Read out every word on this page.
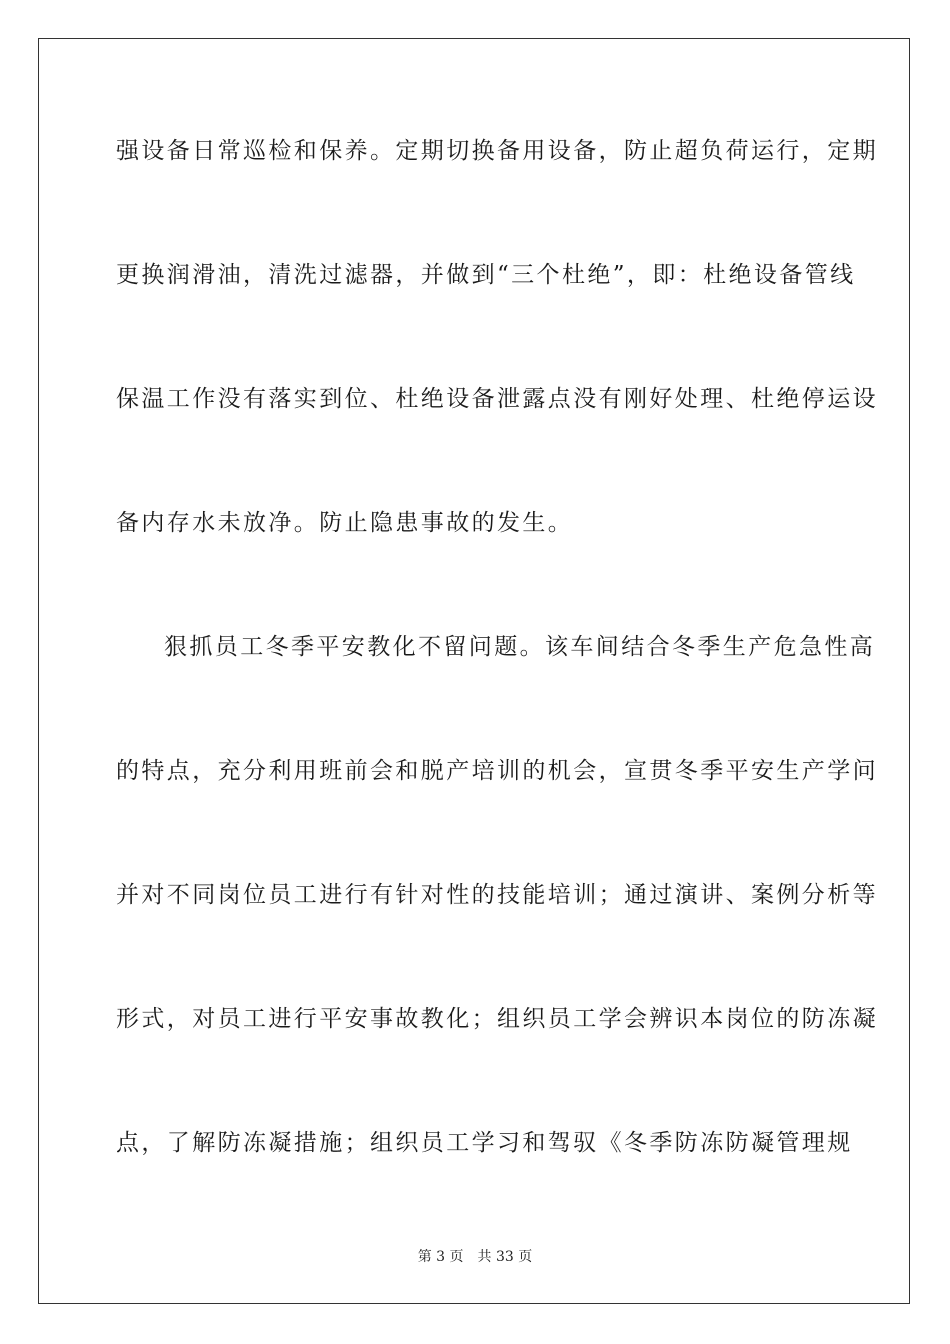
强设备日常巡检和保养。定期切换备用设备，防止超负荷运行，定期
更换润滑油，清洗过滤器，并做到“三个杜绝”，即：杜绝设备管线
保温工作没有落实到位、杜绝设备泄露点没有刚好处理、杜绝停运设
备内存水未放净。防止隐患事故的发生。
狠抓员工冬季平安教化不留问题。该车间结合冬季生产危急性高
的特点，充分利用班前会和脱产培训的机会，宣贯冬季平安生产学问
并对不同岗位员工进行有针对性的技能培训；通过演讲、案例分析等
形式，对员工进行平安事故教化；组织员工学会辨识本岗位的防冻凝
点，了解防冻凝措施；组织员工学习和驾驭《冬季防冻防凝管理规
第 3 页 共 33 页
